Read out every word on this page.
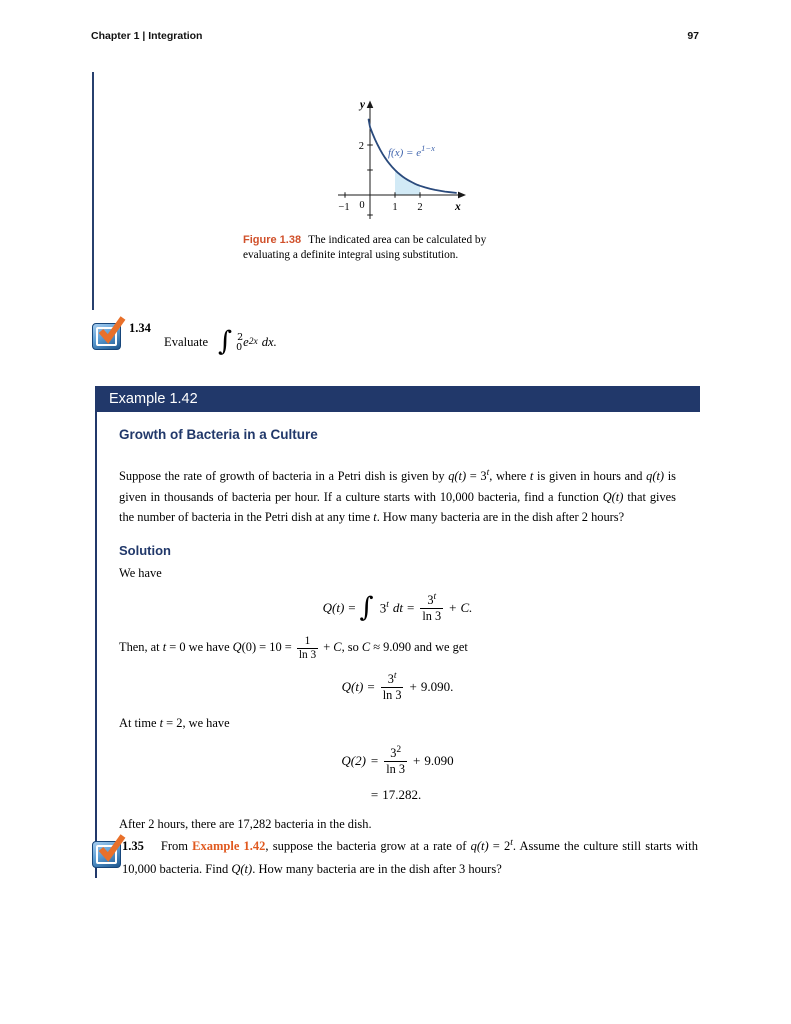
Chapter 1 | Integration	97
y
x
−1 0	1 2
2
$f(x) = e^{1-x}$
Figure 1.38 The indicated area can be calculated by evaluating a definite integral using substitution.
1.34
Evaluate ∫ 2
0 e 2x dx.
Example 1.42
Growth of Bacteria in a Culture

Suppose the rate of growth of bacteria in a Petri dish is given by $q(t) = 3^t$, where t is given in hours and q(t) is given in thousands of bacteria per hour. If a culture starts with 10,000 bacteria, find a function Q(t) that gives the number of bacteria in the Petri dish at any time t. How many bacteria are in the dish after 2 hours?

Solution
We have
Q(t) = ∫ 3$^t$ dt = $\frac{3^t}{\ln 3} + C$.
Then, at t = 0 we have $Q(0) = 10 = \frac{1}{\ln 3} + C$, so C ≈ 9.090 and we get
$Q(t) = \frac{3^t}{\ln 3} + 9.090$.
At time t = 2, we have
$Q(2) = \frac{3^2}{\ln 3} + 9.090$
= 17.282.
After 2 hours, there are 17,282 bacteria in the dish.
1.35 From Example 1.42, suppose the bacteria grow at a rate of $q(t) = 2^t$. Assume the culture still starts with 10,000 bacteria. Find Q(t). How many bacteria are in the dish after 3 hours?
